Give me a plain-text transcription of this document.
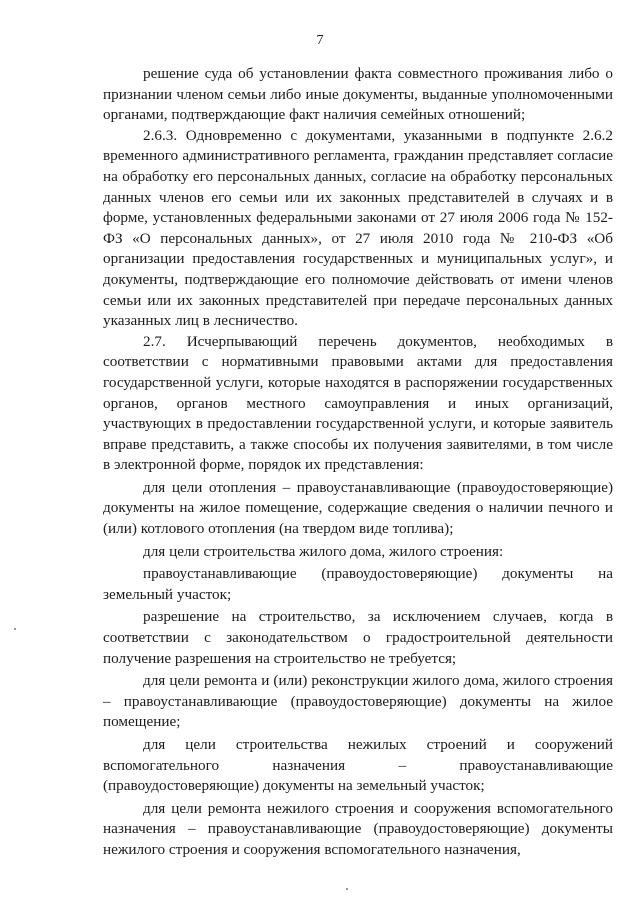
7

решение суда об установлении факта совместного проживания либо о признании членом семьи либо иные документы, выданные уполномоченными органами, подтверждающие факт наличия семейных отношений;

2.6.3. Одновременно с документами, указанными в подпункте 2.6.2 временного административного регламента, гражданин представляет согласие на обработку его персональных данных, согласие на обработку персональных данных членов его семьи или их законных представителей в случаях и в форме, установленных федеральными законами от 27 июля 2006 года № 152-ФЗ «О персональных данных», от 27 июля 2010 года № 210-ФЗ «Об организации предоставления государственных и муниципальных услуг», и документы, подтверждающие его полномочие действовать от имени членов семьи или их законных представителей при передаче персональных данных указанных лиц в лесничество.

2.7. Исчерпывающий перечень документов, необходимых в соответствии с нормативными правовыми актами для предоставления государственной услуги, которые находятся в распоряжении государственных органов, органов местного самоуправления и иных организаций, участвующих в предоставлении государственной услуги, и которые заявитель вправе представить, а также способы их получения заявителями, в том числе в электронной форме, порядок их представления:

для цели отопления – правоустанавливающие (правоудостоверяющие) документы на жилое помещение, содержащие сведения о наличии печного и (или) котлового отопления (на твердом виде топлива);

для цели строительства жилого дома, жилого строения:

правоустанавливающие (правоудостоверяющие) документы на земельный участок;

разрешение на строительство, за исключением случаев, когда в соответствии с законодательством о градостроительной деятельности получение разрешения на строительство не требуется;

для цели ремонта и (или) реконструкции жилого дома, жилого строения – правоустанавливающие (правоудостоверяющие) документы на жилое помещение;

для цели строительства нежилых строений и сооружений вспомогательного назначения – правоустанавливающие (правоудостоверяющие) документы на земельный участок;

для цели ремонта нежилого строения и сооружения вспомогательного назначения – правоустанавливающие (правоудостоверяющие) документы нежилого строения и сооружения вспомогательного назначения,
